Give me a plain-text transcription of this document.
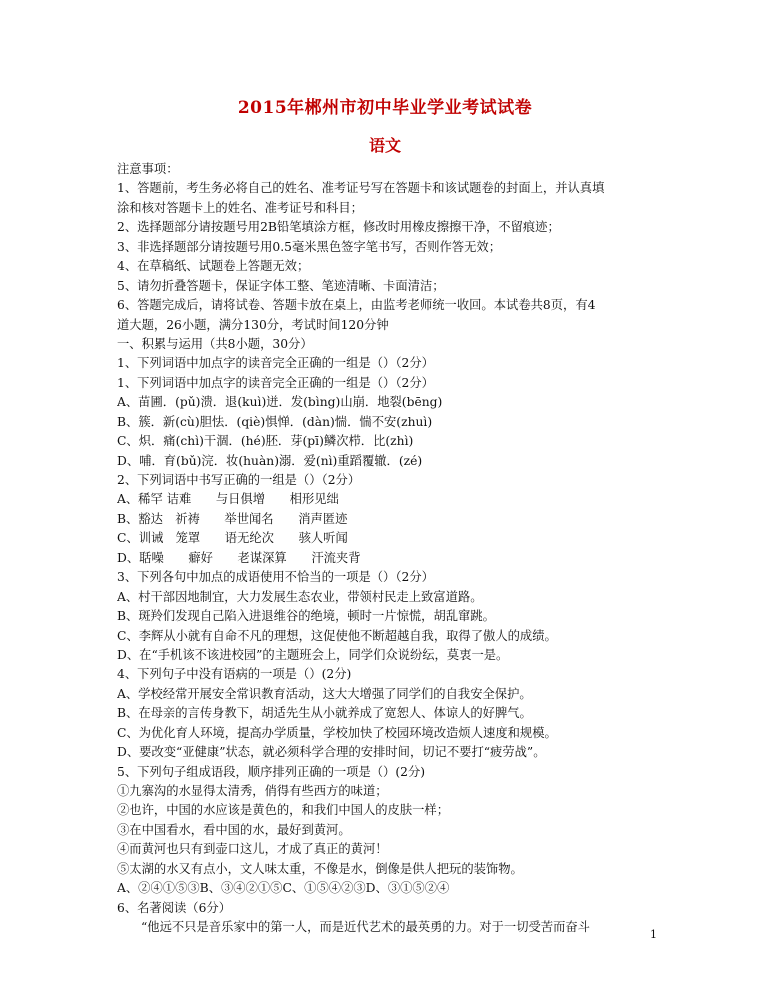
2015年郴州市初中毕业学业考试试卷
语文
注意事项：
1、答题前，考生务必将自己的姓名、准考证号写在答题卡和该试题卷的封面上，并认真填
涂和核对答题卡上的姓名、准考证号和科目；
2、选择题部分请按题号用2B铅笔填涂方框，修改时用橡皮擦擦干净，不留痕迹；
3、非选择题部分请按题号用0.5毫米黑色签字笔书写，否则作答无效；
4、在草稿纸、试题卷上答题无效；
5、请勿折叠答题卡，保证字体工整、笔迹清晰、卡面清洁；
6、答题完成后，请将试卷、答题卡放在桌上，由监考老师统一收回。本试卷共8页，有4
道大题，26小题，满分130分，考试时间120分钟
一、积累与运用（共8小题，30分）
1、下列词语中加点字的读音完全正确的一组是（）（2分）
1、下列词语中加点字的读音完全正确的一组是（）（2分）
A、苗圃．(pǔ)溃．退(kuì)迸．发(bìng)山崩．地裂(bēng)
B、簇．新(cù)胆怯．(qiè)惧惮．(dàn)惴．惴不安(zhuì)
C、炽．痛(chì)干涸．(hé)胚．芽(pī)鳞次栉．比(zhì)
D、哺．育(bǔ)浣．妆(huàn)溺．爱(nì)重蹈覆辙．(zé)
2、下列词语中书写正确的一组是（）（2分）
A、稀罕 诘难　　与日俱增　　相形见绌
B、豁达　祈祷　　举世闻名　　消声匿迹
C、训诫　笼罩　　语无纶次　　骇人听闻
D、聒噪　　癖好　　老谋深算　　汗流夹背
3、下列各句中加点的成语使用不恰当的一项是（）（2分）
A、村干部因地制宜，大力发展生态农业，带领村民走上致富道路。
B、斑羚们发现自己陷入进退维谷的绝境，顿时一片惊慌，胡乱窜跳。
C、李辉从小就有自命不凡的理想，这促使他不断超越自我，取得了傲人的成绩。
D、在“手机该不该进校园”的主题班会上，同学们众说纷纭，莫衷一是。
4、下列句子中没有语病的一项是（）(2分)
A、学校经常开展安全常识教育活动，这大大增强了同学们的自我安全保护。
B、在母亲的言传身教下，胡适先生从小就养成了宽恕人、体谅人的好脾气。
C、为优化育人环境，提高办学质量，学校加快了校园环境改造烦人速度和规模。
D、要改变“亚健康”状态，就必须科学合理的安排时间，切记不要打“疲劳战”。
5、下列句子组成语段，顺序排列正确的一项是（）(2分)
①九寨沟的水显得太清秀，俏得有些西方的味道；
②也许，中国的水应该是黄色的，和我们中国人的皮肤一样；
③在中国看水，看中国的水，最好到黄河。
④而黄河也只有到壶口这儿，才成了真正的黄河！
⑤太湖的水又有点小，文人味太重，不像是水，倒像是供人把玩的装饰物。
A、②④①⑤③B、③④②①⑤C、①⑤④②③D、③①⑤②④
6、名著阅读（6分）
“他远不只是音乐家中的第一人，而是近代艺术的最英勇的力。对于一切受苦而奋斗
1
